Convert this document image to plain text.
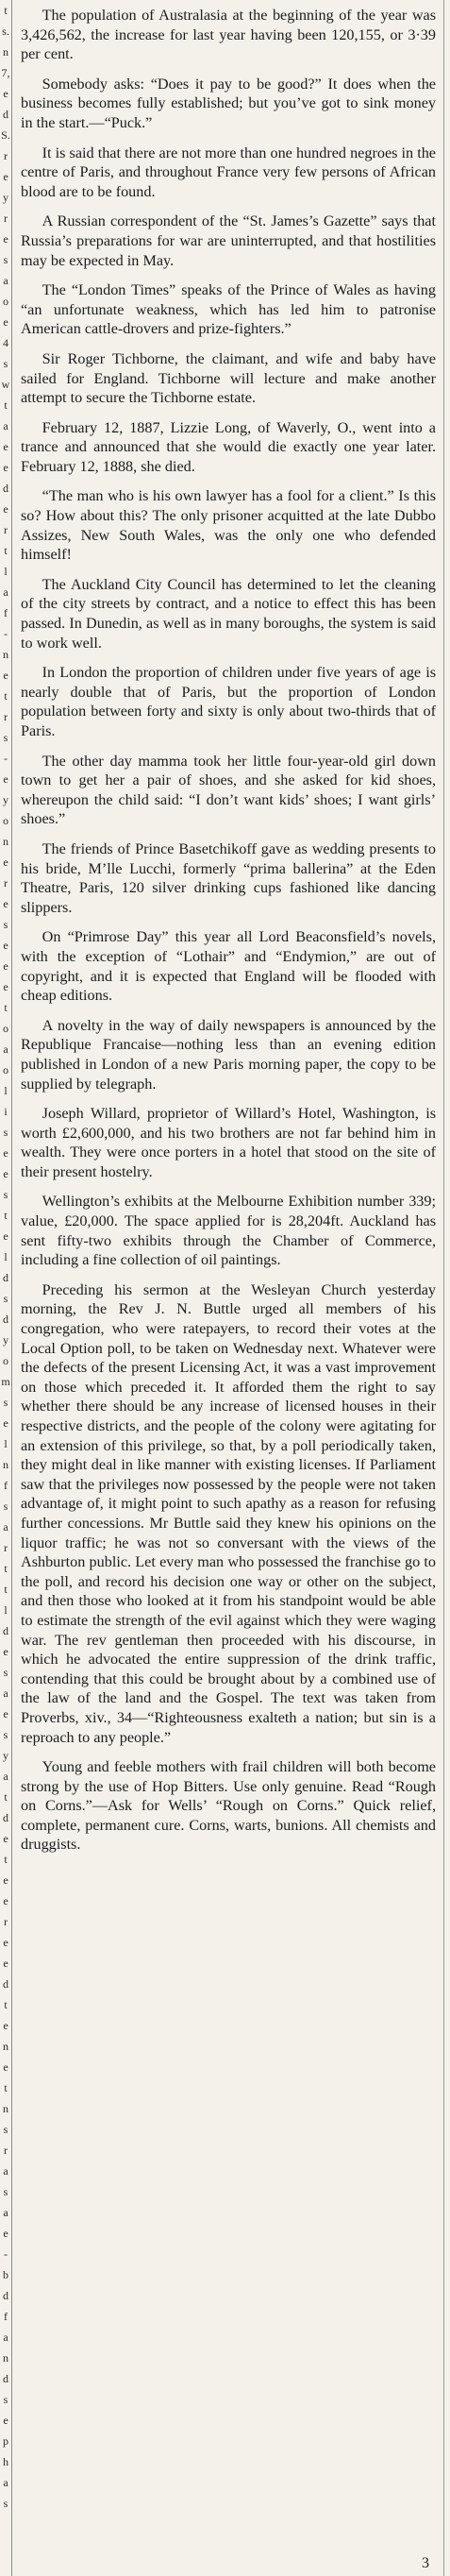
t
s.
n
7,
e
d
S.
r
e
y
r
e
s
a
o
e
4
s
w
t
a
e
e
d
e
r
t
l
a
f
-
n
e
t
r
s
-
e
y
o
n
e
r
e
s
e
e
e
t
o
a
o
l
i
s
e
e
s
t
e
l
d
s
d
y
o
m
s
e
l
n
f
s
a
r
t
t
l
d
e
s
a
e
s
y
a
t
d
e
t
e
e
r
e
e
d
t
e
n
e
t
n
s
r
a
s
a
e
-
b
d
f
a
n
d
s
e
p
h
a
s

The population of Australasia at the beginning of the year was 3,426,562, the increase for last year having been 120,155, or 3·39 per cent.

Somebody asks: “Does it pay to be good?” It does when the business becomes fully established; but you’ve got to sink money in the start.—“Puck.”

It is said that there are not more than one hundred negroes in the centre of Paris, and throughout France very few persons of African blood are to be found.

A Russian correspondent of the “St. James’s Gazette” says that Russia’s preparations for war are uninterrupted, and that hostilities may be expected in May.

The “London Times” speaks of the Prince of Wales as having “an unfortunate weakness, which has led him to patronise American cattle-drovers and prize-fighters.”

Sir Roger Tichborne, the claimant, and wife and baby have sailed for England. Tichborne will lecture and make another attempt to secure the Tichborne estate.

February 12, 1887, Lizzie Long, of Waverly, O., went into a trance and announced that she would die exactly one year later. February 12, 1888, she died.

“The man who is his own lawyer has a fool for a client.” Is this so? How about this? The only prisoner acquitted at the late Dubbo Assizes, New South Wales, was the only one who defended himself!

The Auckland City Council has determined to let the cleaning of the city streets by contract, and a notice to effect this has been passed. In Dunedin, as well as in many boroughs, the system is said to work well.

In London the proportion of children under five years of age is nearly double that of Paris, but the proportion of London population between forty and sixty is only about two-thirds that of Paris.

The other day mamma took her little four-year-old girl down town to get her a pair of shoes, and she asked for kid shoes, whereupon the child said: “I don’t want kids’ shoes; I want girls’ shoes.”

The friends of Prince Basetchikoff gave as wedding presents to his bride, M’lle Lucchi, formerly “prima ballerina” at the Eden Theatre, Paris, 120 silver drinking cups fashioned like dancing slippers.

On “Primrose Day” this year all Lord Beaconsfield’s novels, with the exception of “Lothair” and “Endymion,” are out of copyright, and it is expected that England will be flooded with cheap editions.

A novelty in the way of daily newspapers is announced by the Republique Francaise—nothing less than an evening edition published in London of a new Paris morning paper, the copy to be supplied by telegraph.

Joseph Willard, proprietor of Willard’s Hotel, Washington, is worth £2,600,000, and his two brothers are not far behind him in wealth. They were once porters in a hotel that stood on the site of their present hostelry.

Wellington’s exhibits at the Melbourne Exhibition number 339; value, £20,000. The space applied for is 28,204ft. Auckland has sent fifty-two exhibits through the Chamber of Commerce, including a fine collection of oil paintings.

Preceding his sermon at the Wesleyan Church yesterday morning, the Rev J. N. Buttle urged all members of his congregation, who were ratepayers, to record their votes at the Local Option poll, to be taken on Wednesday next. Whatever were the defects of the present Licensing Act, it was a vast improvement on those which preceded it. It afforded them the right to say whether there should be any increase of licensed houses in their respective districts, and the people of the colony were agitating for an extension of this privilege, so that, by a poll periodically taken, they might deal in like manner with existing licenses. If Parliament saw that the privileges now possessed by the people were not taken advantage of, it might point to such apathy as a reason for refusing further concessions. Mr Buttle said they knew his opinions on the liquor traffic; he was not so conversant with the views of the Ashburton public. Let every man who possessed the franchise go to the poll, and record his decision one way or other on the subject, and then those who looked at it from his standpoint would be able to estimate the strength of the evil against which they were waging war. The rev gentleman then proceeded with his discourse, in which he advocated the entire suppression of the drink traffic, contending that this could be brought about by a combined use of the law of the land and the Gospel. The text was taken from Proverbs, xiv., 34—“Righteousness exalteth a nation; but sin is a reproach to any people.”

Young and feeble mothers with frail children will both become strong by the use of Hop Bitters. Use only genuine. Read “Rough on Corns.”—Ask for Wells’ “Rough on Corns.” Quick relief, complete, permanent cure. Corns, warts, bunions. All chemists and druggists.

3
